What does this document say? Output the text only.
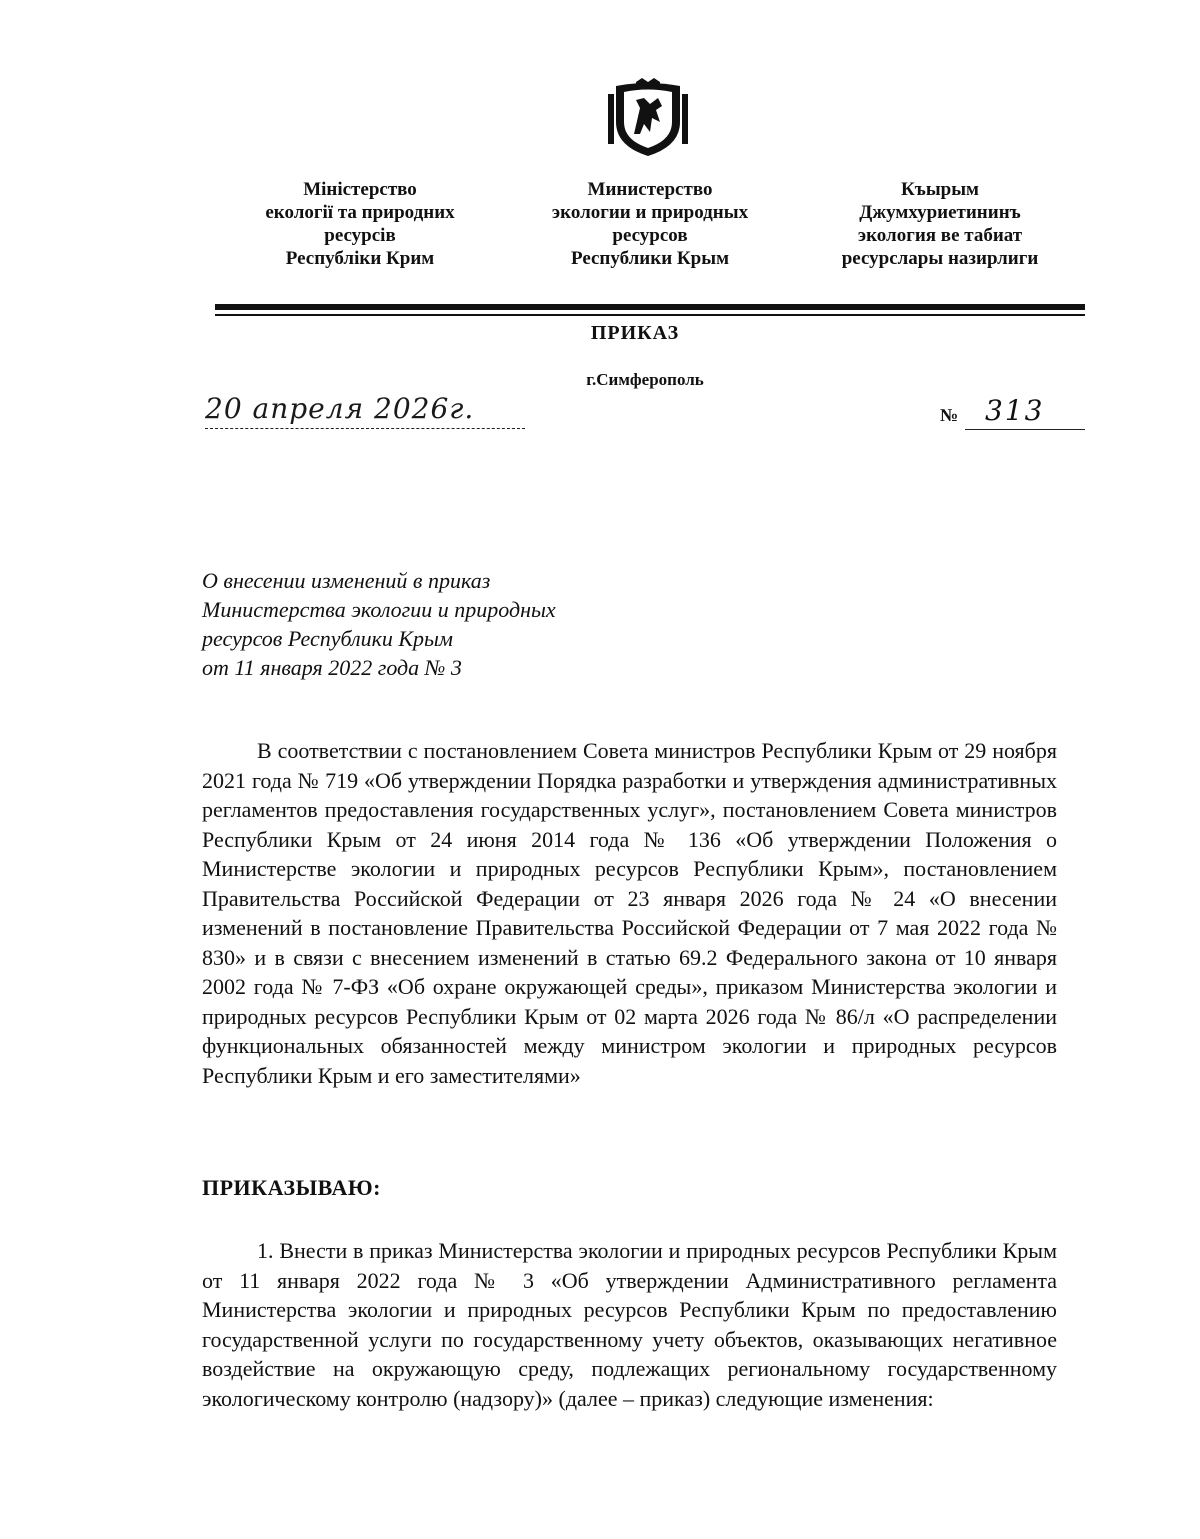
Міністерство
екології та природних
ресурсів
Республіки Крим
Министерство
экологии и природных
ресурсов
Республики Крым
Къырым
Джумхуриетининъ
экология ве табиат
ресурслары назирлиги
ПРИКАЗ
г.Симферополь
20 апреля 2026г.	№ 313
О внесении изменений в приказ
Министерства экологии и природных
ресурсов Республики Крым
от 11 января 2022 года № 3

В соответствии с постановлением Совета министров Республики Крым от 29 ноября 2021 года № 719 «Об утверждении Порядка разработки и утверждения административных регламентов предоставления государственных услуг», постановлением Совета министров Республики Крым от 24 июня 2014 года № 136 «Об утверждении Положения о Министерстве экологии и природных ресурсов Республики Крым», постановлением Правительства Российской Федерации от 23 января 2026 года № 24 «О внесении изменений в постановление Правительства Российской Федерации от 7 мая 2022 года № 830» и в связи с внесением изменений в статью 69.2 Федерального закона от 10 января 2002 года № 7-ФЗ «Об охране окружающей среды», приказом Министерства экологии и природных ресурсов Республики Крым от 02 марта 2026 года № 86/л «О распределении функциональных обязанностей между министром экологии и природных ресурсов Республики Крым и его заместителями»

ПРИКАЗЫВАЮ:

1. Внести в приказ Министерства экологии и природных ресурсов Республики Крым от 11 января 2022 года № 3 «Об утверждении Административного регламента Министерства экологии и природных ресурсов Республики Крым по предоставлению государственной услуги по государственному учету объектов, оказывающих негативное воздействие на окружающую среду, подлежащих региональному государственному экологическому контролю (надзору)» (далее – приказ) следующие изменения:
